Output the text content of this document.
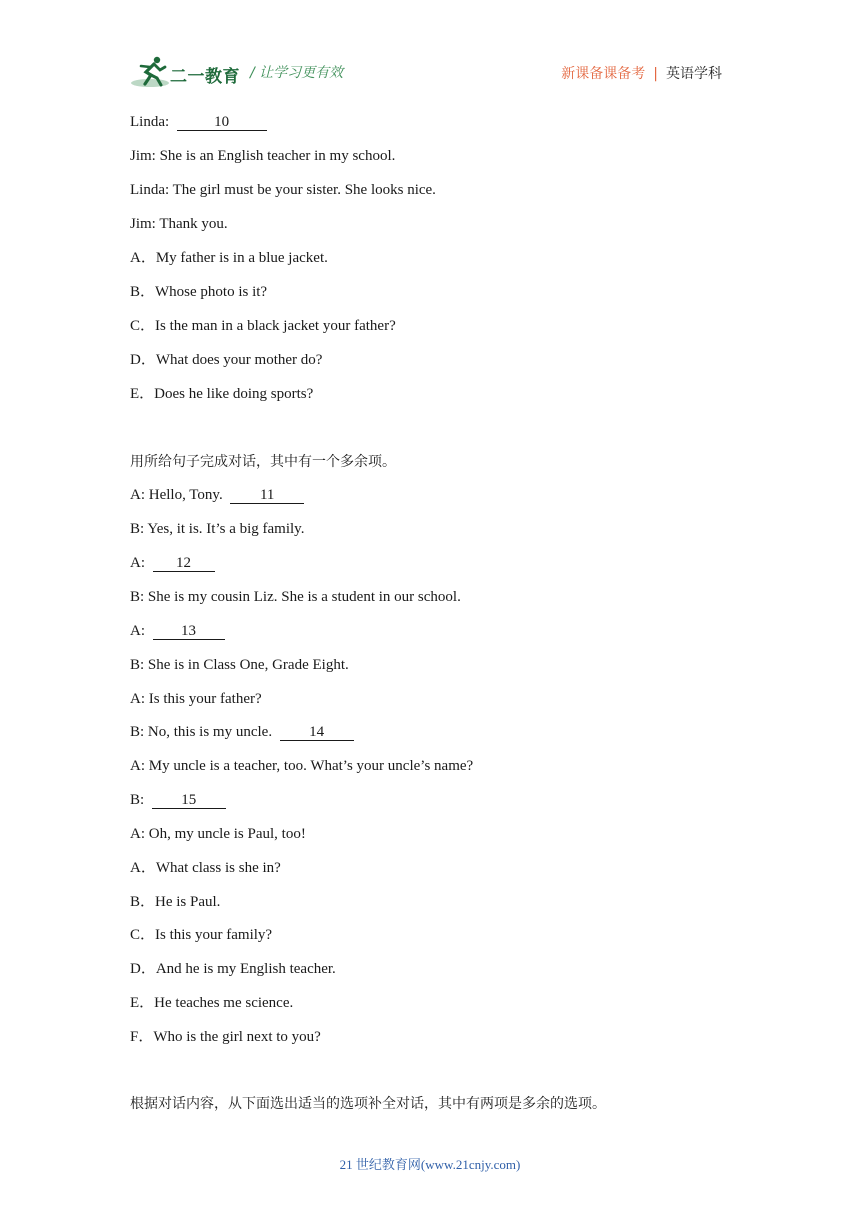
二一教育 / 让学习更有效	新课备课备考 | 英语学科
Linda:	10
Jim: She is an English teacher in my school.
Linda: The girl must be your sister. She looks nice.
Jim: Thank you.
A．My father is in a blue jacket.
B．Whose photo is it?
C．Is the man in a black jacket your father?
D．What does your mother do?
E．Does he like doing sports?
用所给句子完成对话，其中有一个多余项。
A: Hello, Tony. 11
B: Yes, it is. It’s a big family.
A: 12
B: She is my cousin Liz. She is a student in our school.
A: 13
B: She is in Class One, Grade Eight.
A: Is this your father?
B: No, this is my uncle. 14
A: My uncle is a teacher, too. What’s your uncle’s name?
B: 15
A: Oh, my uncle is Paul, too!
A．What class is she in?
B．He is Paul.
C．Is this your family?
D．And he is my English teacher.
E．He teaches me science.
F．Who is the girl next to you?
根据对话内容，从下面选出适当的选项补全对话，其中有两项是多余的选项。
21 世纪教育网(www.21cnjy.com)
